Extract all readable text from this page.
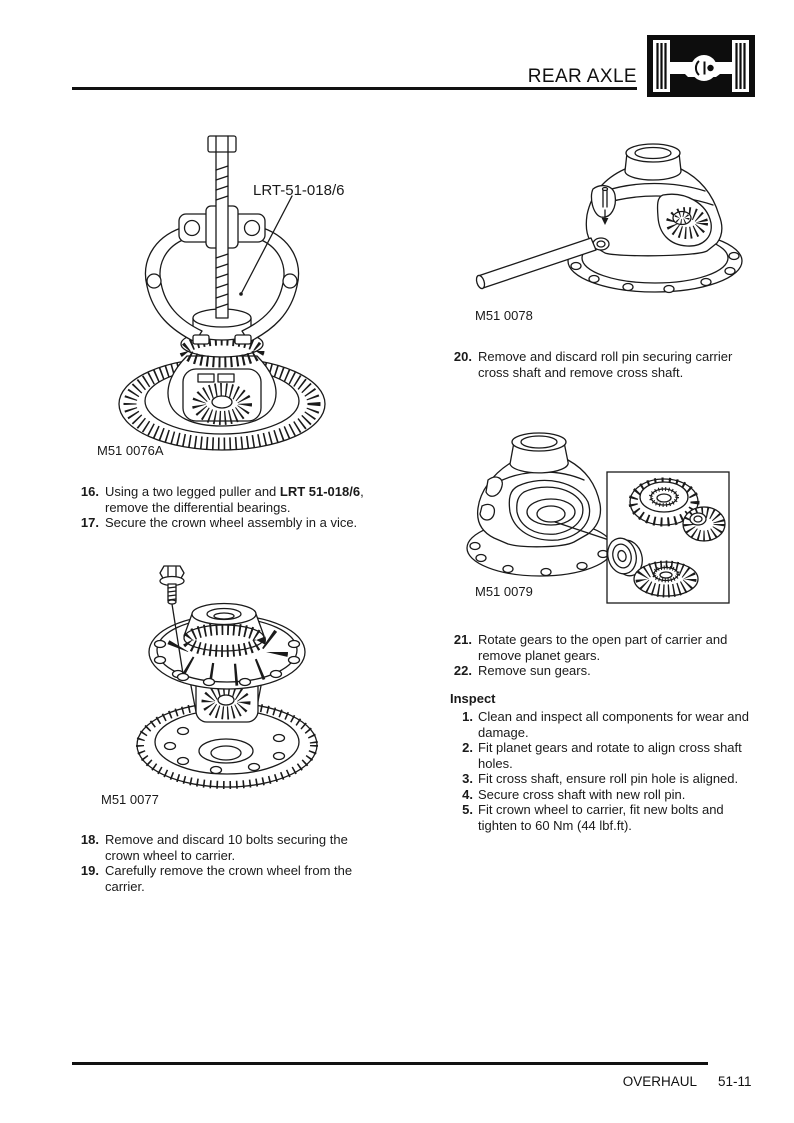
REAR AXLE
LRT-51-018/6
M51 0076A
M51 0078
20. Remove and discard roll pin securing carrier
cross shaft and remove cross shaft.
M51 0077
16. Using a two legged puller and LRT 51-018/6,
remove the differential bearings.
17. Secure the crown wheel assembly in a vice.
18. Remove and discard 10 bolts securing the
crown wheel to carrier.
19. Carefully remove the crown wheel from the
carrier.
M51 0079
21. Rotate gears to the open part of carrier and
remove planet gears.
22. Remove sun gears.
Inspect
1. Clean and inspect all components for wear and
damage.
2. Fit planet gears and rotate to align cross shaft
holes.
3. Fit cross shaft, ensure roll pin hole is aligned.
4. Secure cross shaft with new roll pin.
5. Fit crown wheel to carrier, fit new bolts and
tighten to 60 Nm (44 lbf.ft).
OVERHAUL 51-11
